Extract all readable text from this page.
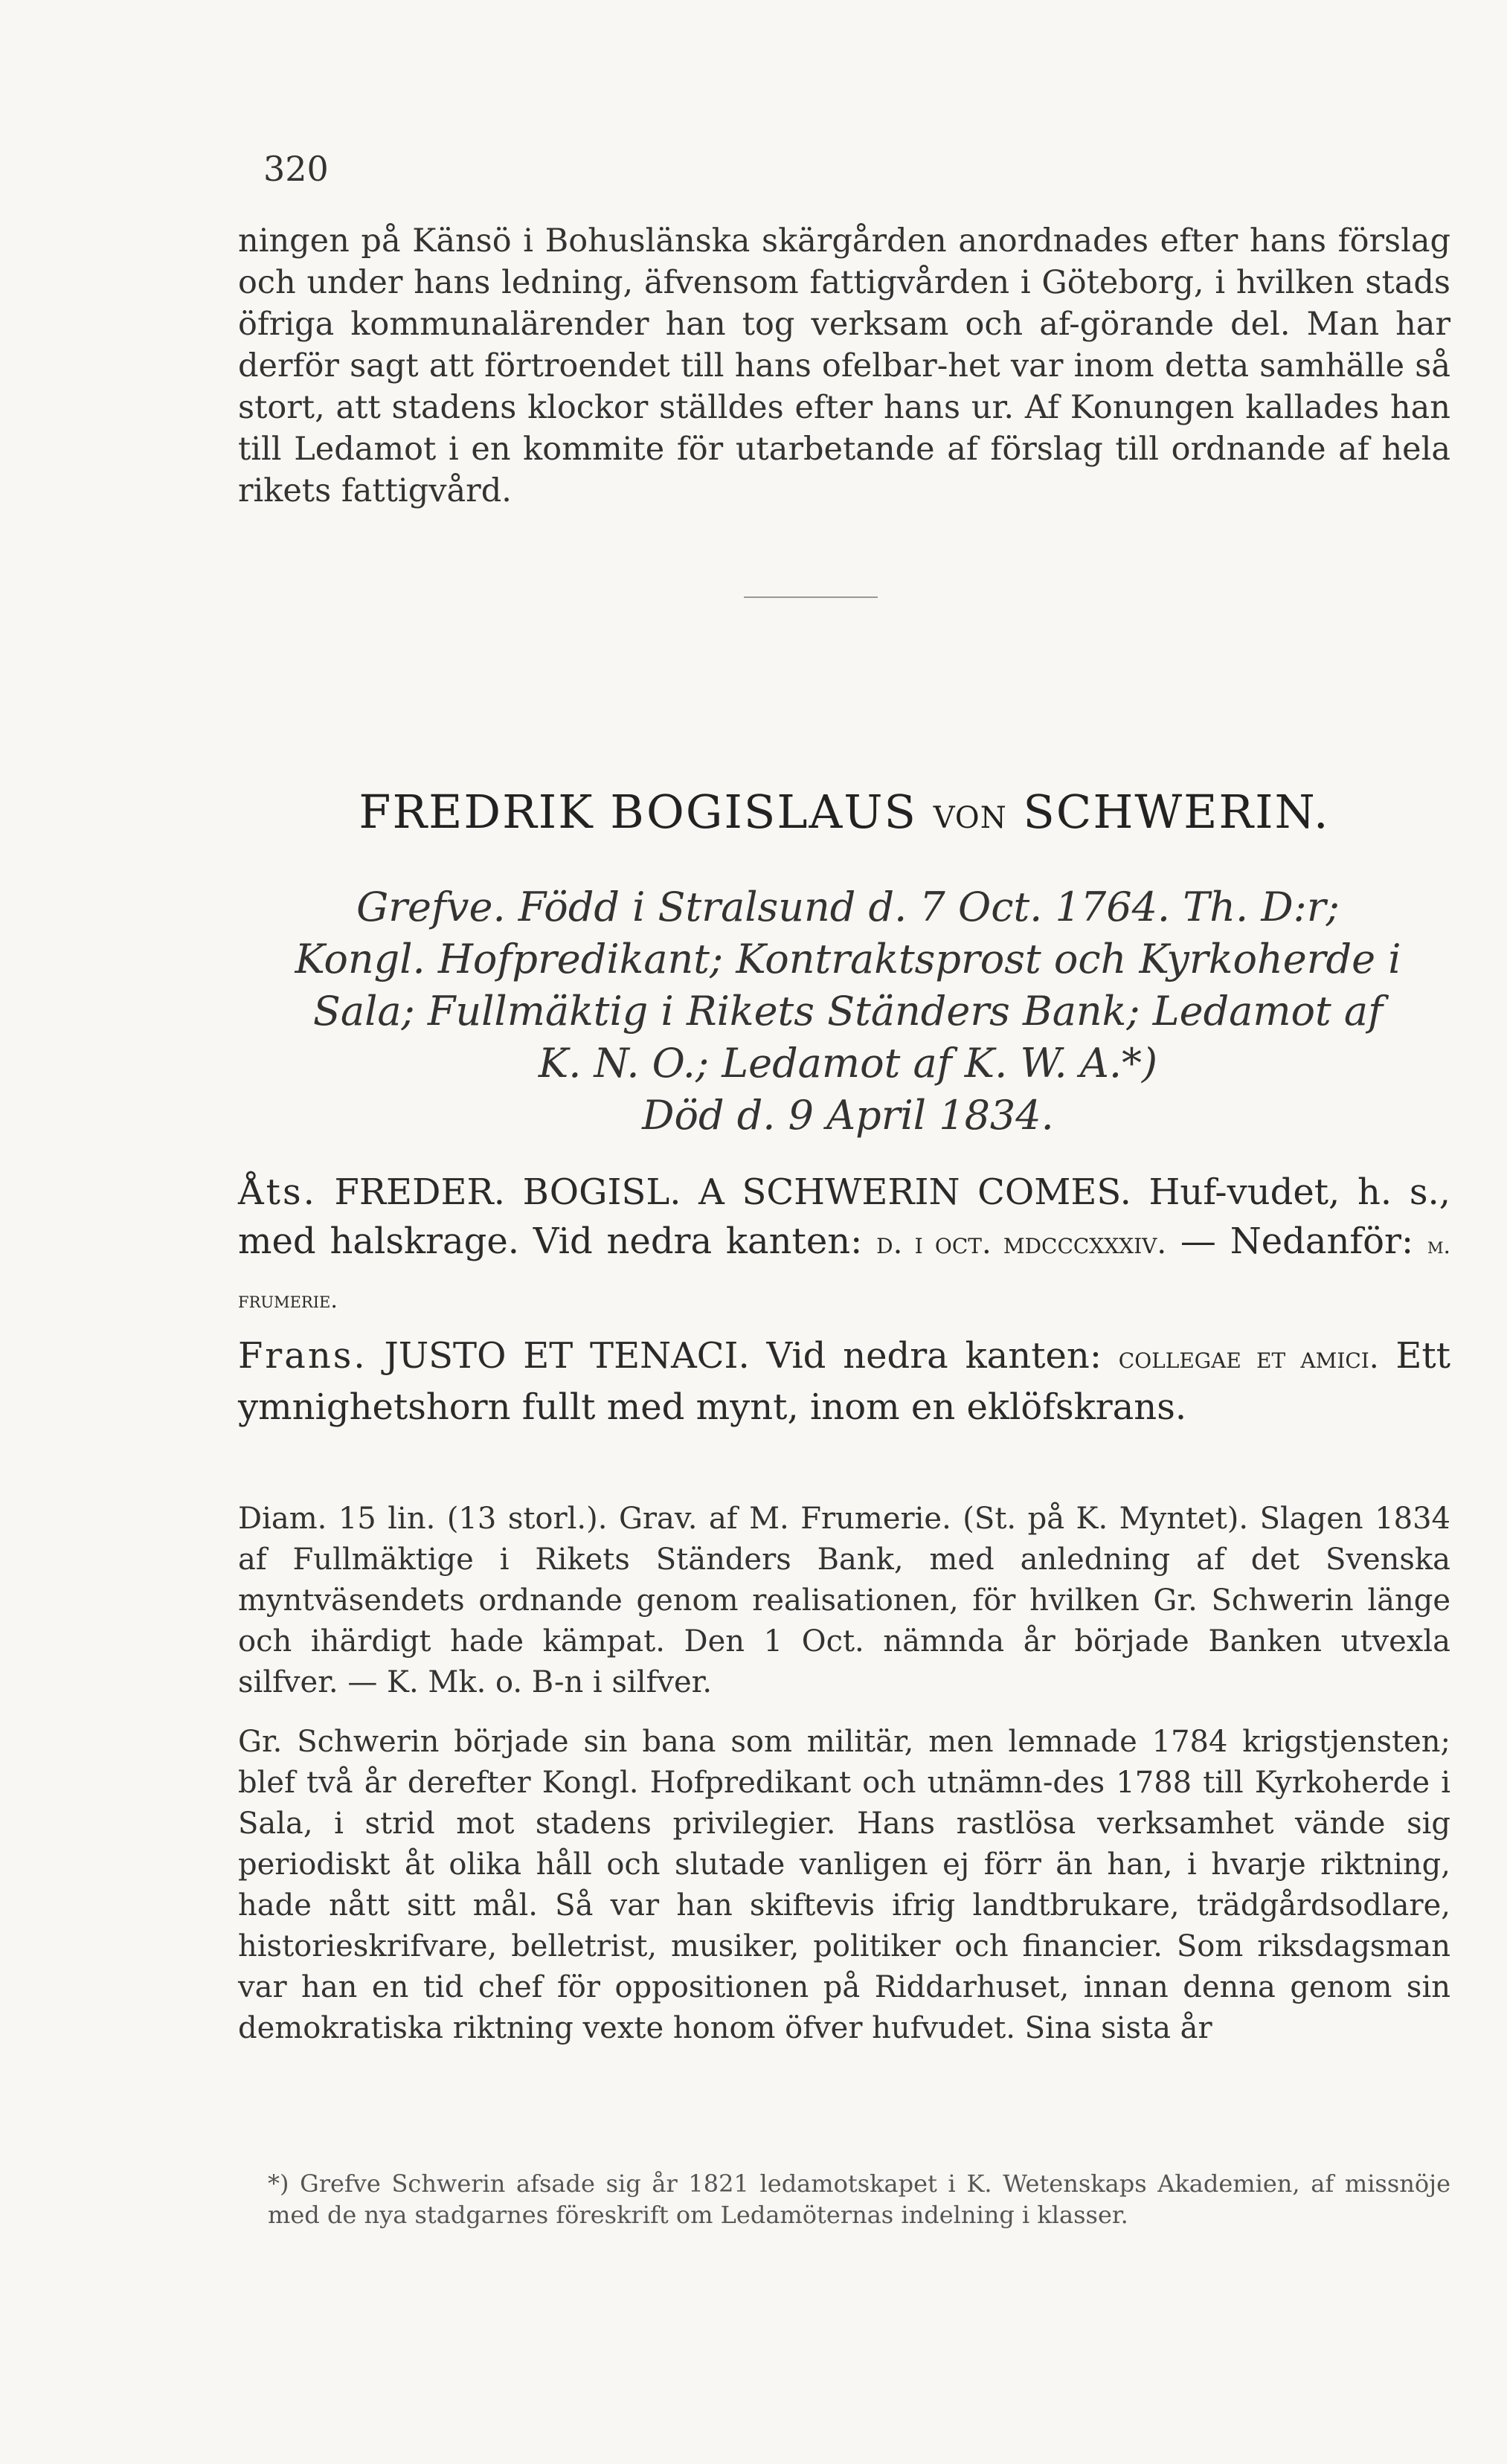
320

ningen på Känsö i Bohuslänska skärgården anordnades efter hans förslag och under hans ledning, äfvensom fattigvården i Göteborg, i hvilken stads öfriga kommunalärender han tog verksam och af-görande del. Man har derför sagt att förtroendet till hans ofelbar-het var inom detta samhälle så stort, att stadens klockor ställdes efter hans ur. Af Konungen kallades han till Ledamot i en kommite för utarbetande af förslag till ordnande af hela rikets fattigvård.

FREDRIK BOGISLAUS VON SCHWERIN.

Grefve. Född i Stralsund d. 7 Oct. 1764. Th. D:r;

Kongl. Hofpredikant; Kontraktsprost och Kyrkoherde i

Sala; Fullmäktig i Rikets Ständers Bank; Ledamot af

K. N. O.; Ledamot af K. W. A.*)

Död d. 9 April 1834.

Åts. FREDER. BOGISL. A SCHWERIN COMES. Huf-vudet, h. s., med halskrage. Vid nedra kanten: d. i oct. mdcccxxxiv. — Nedanför: m. frumerie.

Frans. JUSTO ET TENACI. Vid nedra kanten: collegae et amici. Ett ymnighetshorn fullt med mynt, inom en eklöfskrans.

Diam. 15 lin. (13 storl.). Grav. af M. Frumerie. (St. på K. Myntet). Slagen 1834 af Fullmäktige i Rikets Ständers Bank, med anledning af det Svenska myntväsendets ordnande genom realisationen, för hvilken Gr. Schwerin länge och ihärdigt hade kämpat. Den 1 Oct. nämnda år började Banken utvexla silfver. — K. Mk. o. B-n i silfver.

Gr. Schwerin började sin bana som militär, men lemnade 1784 krigstjensten; blef två år derefter Kongl. Hofpredikant och utnämn-des 1788 till Kyrkoherde i Sala, i strid mot stadens privilegier. Hans rastlösa verksamhet vände sig periodiskt åt olika håll och slutade vanligen ej förr än han, i hvarje riktning, hade nått sitt mål. Så var han skiftevis ifrig landtbrukare, trädgårdsodlare, historieskrifvare, belletrist, musiker, politiker och financier. Som riksdagsman var han en tid chef för oppositionen på Riddarhuset, innan denna genom sin demokratiska riktning vexte honom öfver hufvudet. Sina sista år

*) Grefve Schwerin afsade sig år 1821 ledamotskapet i K. Wetenskaps Akademien, af missnöje med de nya stadgarnes föreskrift om Ledamöternas indelning i klasser.
